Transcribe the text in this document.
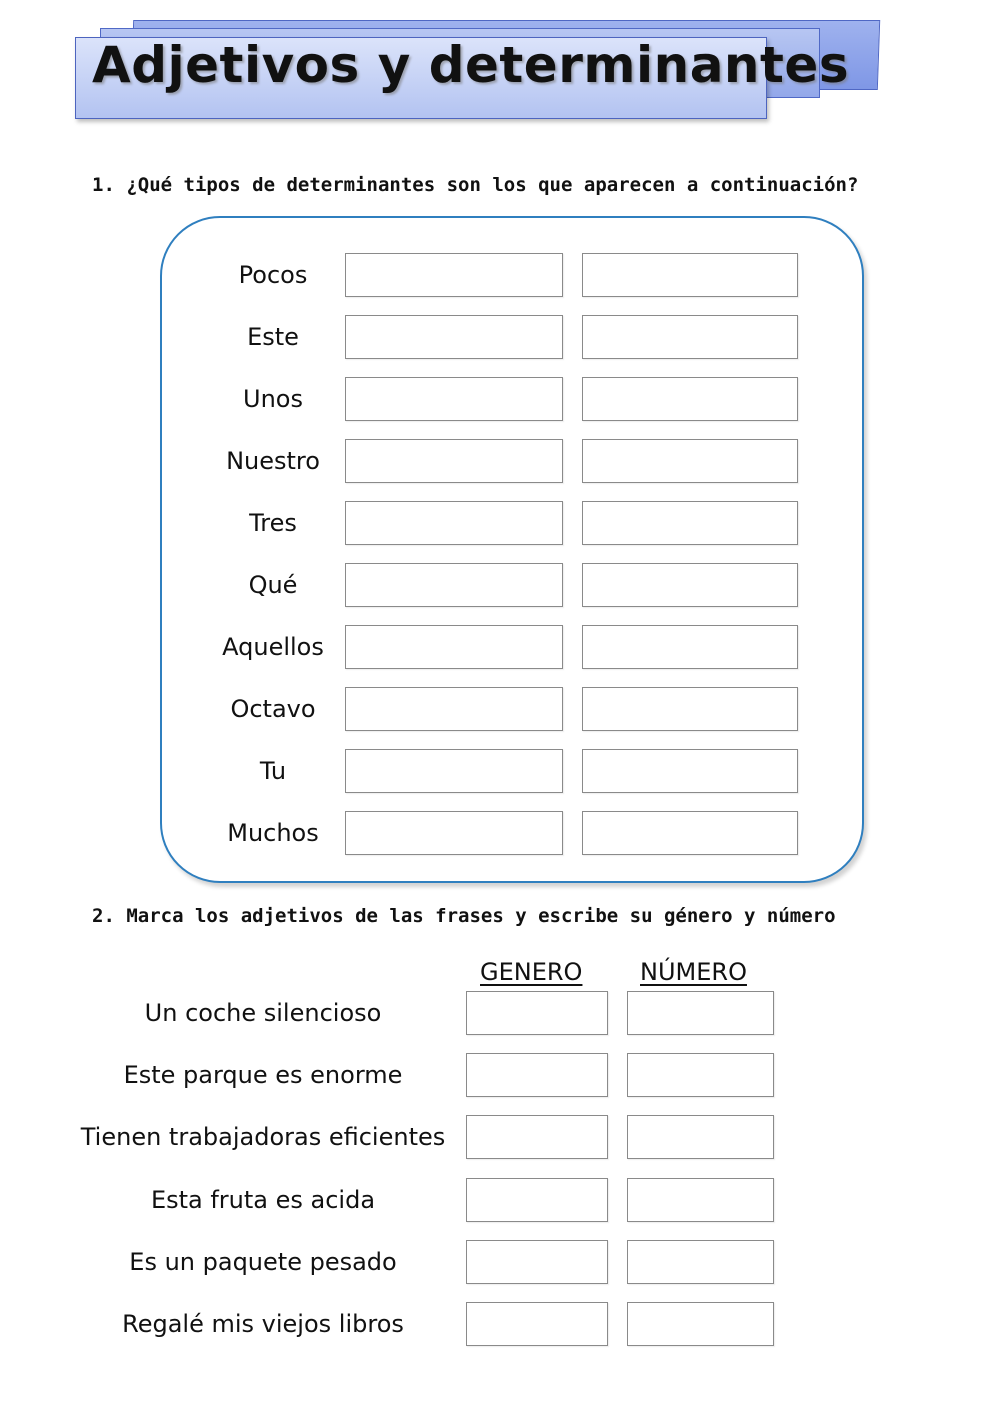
Adjetivos y determinantes

1. ¿Qué tipos de determinantes son los que aparecen a continuación?

Pocos
Este
Unos
Nuestro
Tres
Qué
Aquellos
Octavo
Tu
Muchos

2. Marca los adjetivos de las frases y escribe su género y número

GENERO NÚMERO

Un coche silencioso
Este parque es enorme
Tienen trabajadoras eficientes
Esta fruta es acida
Es un paquete pesado
Regalé mis viejos libros
